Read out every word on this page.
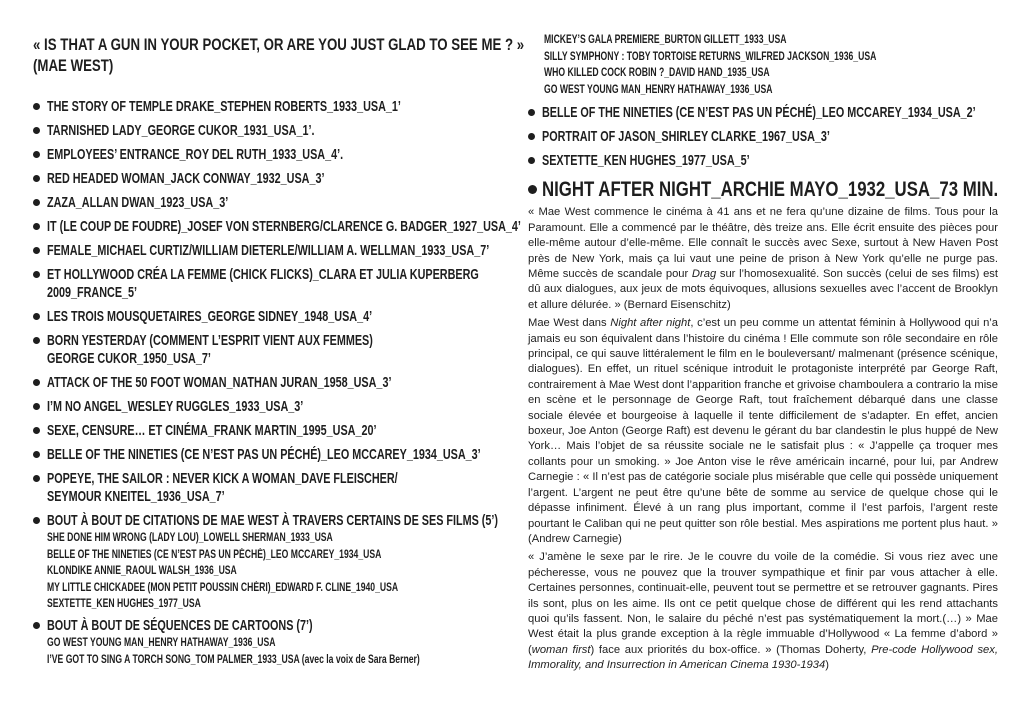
« IS THAT A GUN IN YOUR POCKET, OR ARE YOU JUST GLAD TO SEE ME ? »
(MAE WEST)
THE STORY OF TEMPLE DRAKE_STEPHEN ROBERTS_1933_USA_1’
TARNISHED LADY_GEORGE CUKOR_1931_USA_1’.
EMPLOYEES’ ENTRANCE_ROY DEL RUTH_1933_USA_4’.
RED HEADED WOMAN_JACK CONWAY_1932_USA_3’
ZAZA_ALLAN DWAN_1923_USA_3’
IT (LE COUP DE FOUDRE)_JOSEF VON STERNBERG/CLARENCE G. BADGER_1927_USA_4’
FEMALE_MICHAEL CURTIZ/WILLIAM DIETERLE/WILLIAM A. WELLMAN_1933_USA_7’
ET HOLLYWOOD CRÉA LA FEMME (CHICK FLICKS)_CLARA ET JULIA KUPERBERG
2009_FRANCE_5’
LES TROIS MOUSQUETAIRES_GEORGE SIDNEY_1948_USA_4’
BORN YESTERDAY (COMMENT L’ESPRIT VIENT AUX FEMMES)
GEORGE CUKOR_1950_USA_7’
ATTACK OF THE 50 FOOT WOMAN_NATHAN JURAN_1958_USA_3’
I’M NO ANGEL_WESLEY RUGGLES_1933_USA_3’
SEXE, CENSURE… ET CINÉMA_FRANK MARTIN_1995_USA_20’
BELLE OF THE NINETIES (CE N’EST PAS UN PÉCHÉ)_LEO MCCAREY_1934_USA_3’
POPEYE, THE SAILOR : NEVER KICK A WOMAN_DAVE FLEISCHER/
SEYMOUR KNEITEL_1936_USA_7’
BOUT À BOUT DE CITATIONS DE MAE WEST À TRAVERS CERTAINS DE SES FILMS (5’)
SHE DONE HIM WRONG (LADY LOU)_LOWELL SHERMAN_1933_USA
BELLE OF THE NINETIES (CE N’EST PAS UN PÉCHÉ)_LEO MCCAREY_1934_USA
KLONDIKE ANNIE_RAOUL WALSH_1936_USA
MY LITTLE CHICKADEE (MON PETIT POUSSIN CHÉRI)_EDWARD F. CLINE_1940_USA
SEXTETTE_KEN HUGHES_1977_USA
BOUT À BOUT DE SÉQUENCES DE CARTOONS (7’)
GO WEST YOUNG MAN_HENRY HATHAWAY_1936_USA
I’VE GOT TO SING A TORCH SONG_TOM PALMER_1933_USA (avec la voix de Sara Berner)
MICKEY’S GALA PREMIERE_BURTON GILLETT_1933_USA
SILLY SYMPHONY : TOBY TORTOISE RETURNS_WILFRED JACKSON_1936_USA
WHO KILLED COCK ROBIN ?_DAVID HAND_1935_USA
GO WEST YOUNG MAN_HENRY HATHAWAY_1936_USA
BELLE OF THE NINETIES (CE N’EST PAS UN PÉCHÉ)_LEO MCCAREY_1934_USA_2’
PORTRAIT OF JASON_SHIRLEY CLARKE_1967_USA_3’
SEXTETTE_KEN HUGHES_1977_USA_5’
NIGHT AFTER NIGHT_ARCHIE MAYO_1932_USA_73 MIN.

« Mae West commence le cinéma à 41 ans et ne fera qu’une dizaine de films. Tous pour la Paramount. Elle a commencé par le théâtre, dès treize ans. Elle écrit ensuite des pièces pour elle-même autour d’elle-même. Elle connaît le succès avec Sexe, surtout à New Haven Post près de New York, mais ça lui vaut une peine de prison à New York qu’elle ne purge pas. Même succès de scandale pour Drag sur l’homosexualité. Son succès (celui de ses films) est dû aux dialogues, aux jeux de mots équivoques, allusions sexuelles avec l’accent de Brooklyn et allure délurée. » (Bernard Eisenschitz)

Mae West dans Night after night, c’est un peu comme un attentat féminin à Hollywood qui n’a jamais eu son équivalent dans l’histoire du cinéma ! Elle commute son rôle secondaire en rôle principal, ce qui sauve littéralement le film en le bouleversant/ malmenant (présence scénique, dialogues). En effet, un rituel scénique introduit le protagoniste interprété par George Raft, contrairement à Mae West dont l’apparition franche et grivoise chamboulera a contrario la mise en scène et le personnage de George Raft, tout fraîchement débarqué dans une classe sociale élevée et bourgeoise à laquelle il tente difficilement de s’adapter. En effet, ancien boxeur, Joe Anton (George Raft) est devenu le gérant du bar clandestin le plus huppé de New York… Mais l’objet de sa réussite sociale ne le satisfait plus : « J’appelle ça troquer mes collants pour un smoking. » Joe Anton vise le rêve américain incarné, pour lui, par Andrew Carnegie : « Il n’est pas de catégorie sociale plus misérable que celle qui possède uniquement l’argent. L’argent ne peut être qu’une bête de somme au service de quelque chose qui le dépasse infiniment. Élevé à un rang plus important, comme il l’est parfois, l’argent reste pourtant le Caliban qui ne peut quitter son rôle bestial. Mes aspirations me portent plus haut. » (Andrew Carnegie)

« J’amène le sexe par le rire. Je le couvre du voile de la comédie. Si vous riez avec une pécheresse, vous ne pouvez que la trouver sympathique et finir par vous attacher à elle. Certaines personnes, continuait-elle, peuvent tout se permettre et se retrouver gagnants. Pires ils sont, plus on les aime. Ils ont ce petit quelque chose de différent qui les rend attachants quoi qu’ils fassent. Non, le salaire du péché n’est pas systématiquement la mort.(…) » Mae West était la plus grande exception à la règle immuable d’Hollywood « La femme d’abord » (woman first) face aux priorités du box-office. » (Thomas Doherty, Pre-code Hollywood sex, Immorality, and Insurrection in American Cinema 1930-1934)
